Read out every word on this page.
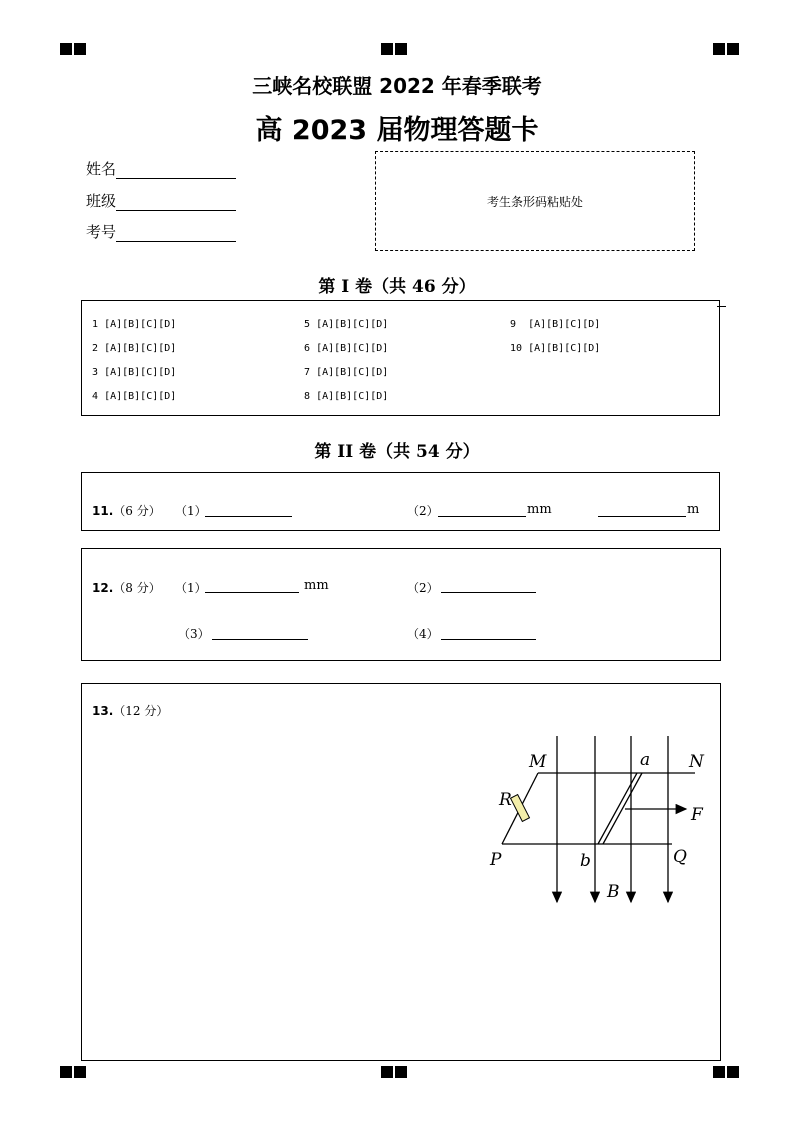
三峡名校联盟 2022 年春季联考
高 2023 届物理答题卡
姓名
班级
考号
考生条形码粘贴处
第 I 卷（共 46 分）
1 [A][B][C][D]
2 [A][B][C][D]
3 [A][B][C][D]
4 [A][B][C][D]
5 [A][B][C][D]
6 [A][B][C][D]
7 [A][B][C][D]
8 [A][B][C][D]
9 [A][B][C][D]
10 [A][B][C][D]
第 II 卷（共 54 分）
11.（6 分） （1）	（2）	mm	m
12.（8 分） （1）	mm	（2）
（3）	（4）
13.（12 分）
M	N
a
R
F
P	b	Q
B
